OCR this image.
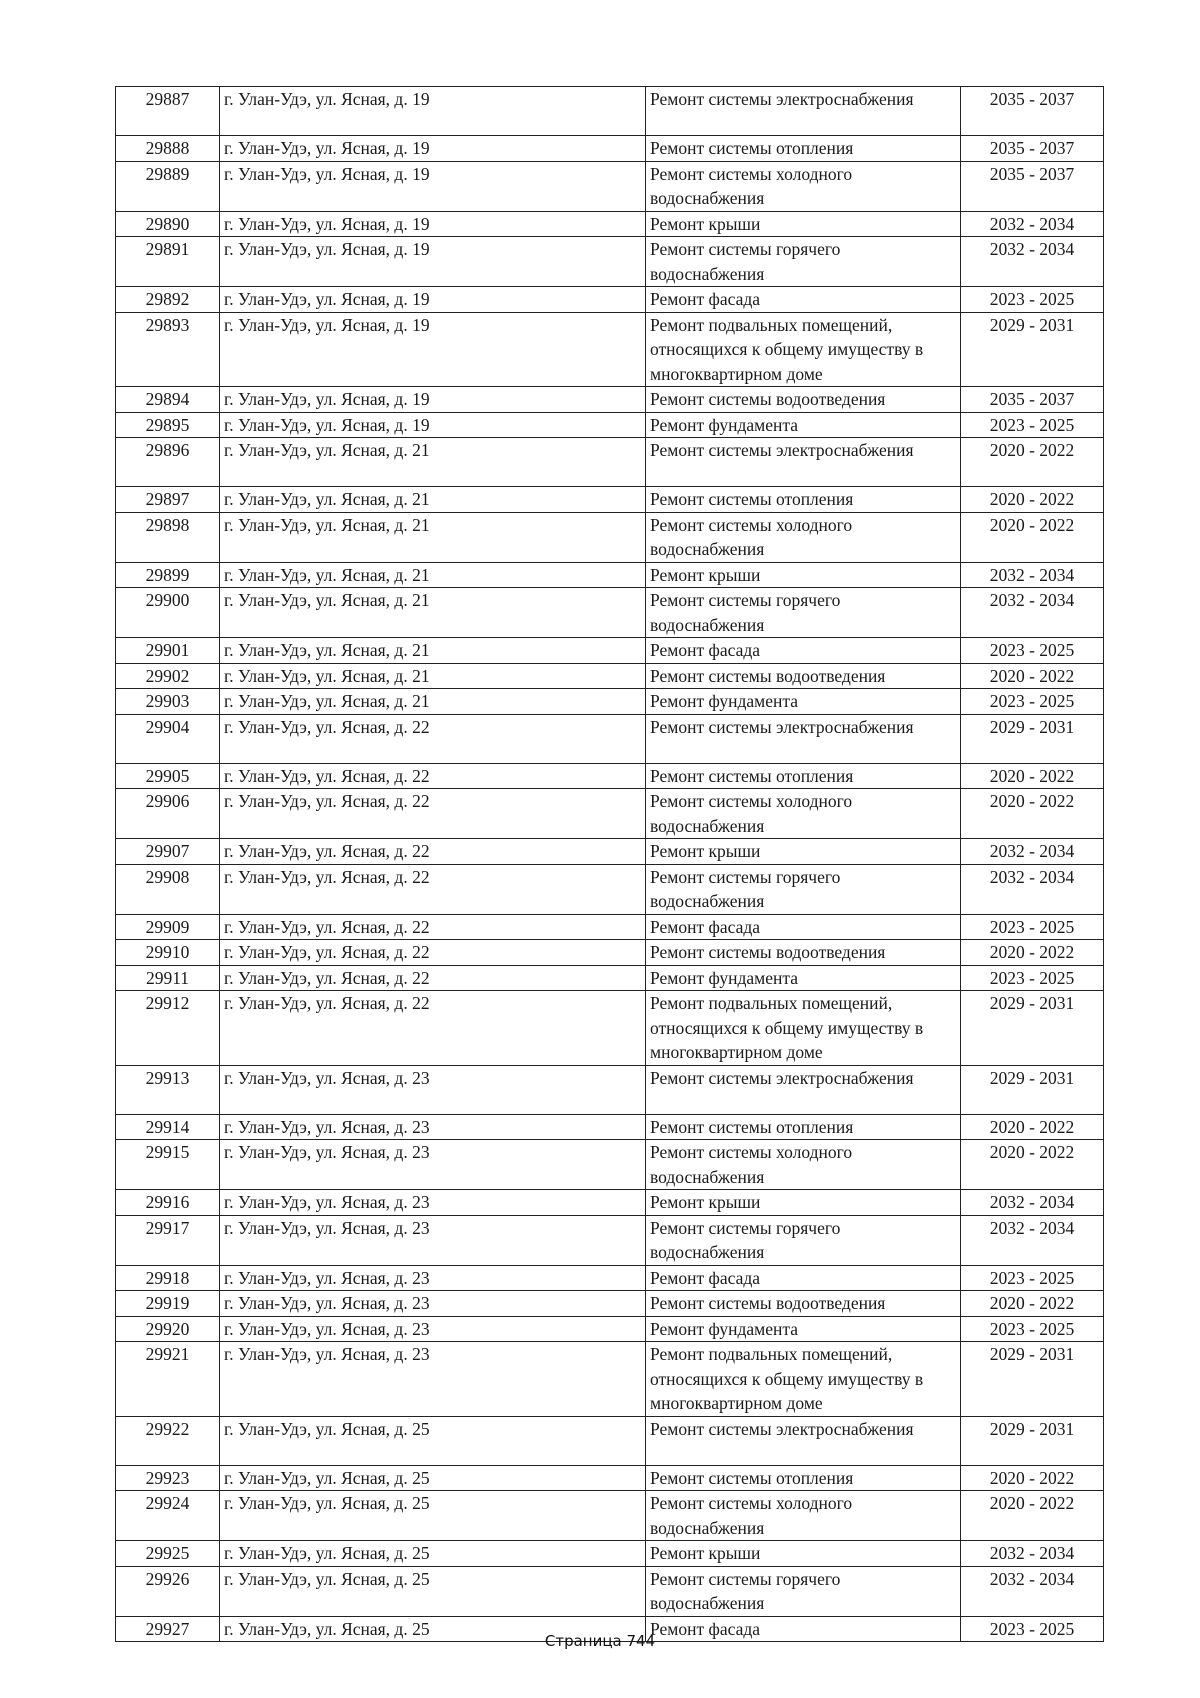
29887	г. Улан-Удэ, ул. Ясная, д. 19	Ремонт системы электроснабжения	2035 - 2037
29888	г. Улан-Удэ, ул. Ясная, д. 19	Ремонт системы отопления	2035 - 2037
29889	г. Улан-Удэ, ул. Ясная, д. 19	Ремонт системы холодного водоснабжения	2035 - 2037
29890	г. Улан-Удэ, ул. Ясная, д. 19	Ремонт крыши	2032 - 2034
29891	г. Улан-Удэ, ул. Ясная, д. 19	Ремонт системы горячего водоснабжения	2032 - 2034
29892	г. Улан-Удэ, ул. Ясная, д. 19	Ремонт фасада	2023 - 2025
29893	г. Улан-Удэ, ул. Ясная, д. 19	Ремонт подвальных помещений, относящихся к общему имуществу в многоквартирном доме	2029 - 2031
29894	г. Улан-Удэ, ул. Ясная, д. 19	Ремонт системы водоотведения	2035 - 2037
29895	г. Улан-Удэ, ул. Ясная, д. 19	Ремонт фундамента	2023 - 2025
29896	г. Улан-Удэ, ул. Ясная, д. 21	Ремонт системы электроснабжения	2020 - 2022
29897	г. Улан-Удэ, ул. Ясная, д. 21	Ремонт системы отопления	2020 - 2022
29898	г. Улан-Удэ, ул. Ясная, д. 21	Ремонт системы холодного водоснабжения	2020 - 2022
29899	г. Улан-Удэ, ул. Ясная, д. 21	Ремонт крыши	2032 - 2034
29900	г. Улан-Удэ, ул. Ясная, д. 21	Ремонт системы горячего водоснабжения	2032 - 2034
29901	г. Улан-Удэ, ул. Ясная, д. 21	Ремонт фасада	2023 - 2025
29902	г. Улан-Удэ, ул. Ясная, д. 21	Ремонт системы водоотведения	2020 - 2022
29903	г. Улан-Удэ, ул. Ясная, д. 21	Ремонт фундамента	2023 - 2025
29904	г. Улан-Удэ, ул. Ясная, д. 22	Ремонт системы электроснабжения	2029 - 2031
29905	г. Улан-Удэ, ул. Ясная, д. 22	Ремонт системы отопления	2020 - 2022
29906	г. Улан-Удэ, ул. Ясная, д. 22	Ремонт системы холодного водоснабжения	2020 - 2022
29907	г. Улан-Удэ, ул. Ясная, д. 22	Ремонт крыши	2032 - 2034
29908	г. Улан-Удэ, ул. Ясная, д. 22	Ремонт системы горячего водоснабжения	2032 - 2034
29909	г. Улан-Удэ, ул. Ясная, д. 22	Ремонт фасада	2023 - 2025
29910	г. Улан-Удэ, ул. Ясная, д. 22	Ремонт системы водоотведения	2020 - 2022
29911	г. Улан-Удэ, ул. Ясная, д. 22	Ремонт фундамента	2023 - 2025
29912	г. Улан-Удэ, ул. Ясная, д. 22	Ремонт подвальных помещений, относящихся к общему имуществу в многоквартирном доме	2029 - 2031
29913	г. Улан-Удэ, ул. Ясная, д. 23	Ремонт системы электроснабжения	2029 - 2031
29914	г. Улан-Удэ, ул. Ясная, д. 23	Ремонт системы отопления	2020 - 2022
29915	г. Улан-Удэ, ул. Ясная, д. 23	Ремонт системы холодного водоснабжения	2020 - 2022
29916	г. Улан-Удэ, ул. Ясная, д. 23	Ремонт крыши	2032 - 2034
29917	г. Улан-Удэ, ул. Ясная, д. 23	Ремонт системы горячего водоснабжения	2032 - 2034
29918	г. Улан-Удэ, ул. Ясная, д. 23	Ремонт фасада	2023 - 2025
29919	г. Улан-Удэ, ул. Ясная, д. 23	Ремонт системы водоотведения	2020 - 2022
29920	г. Улан-Удэ, ул. Ясная, д. 23	Ремонт фундамента	2023 - 2025
29921	г. Улан-Удэ, ул. Ясная, д. 23	Ремонт подвальных помещений, относящихся к общему имуществу в многоквартирном доме	2029 - 2031
29922	г. Улан-Удэ, ул. Ясная, д. 25	Ремонт системы электроснабжения	2029 - 2031
29923	г. Улан-Удэ, ул. Ясная, д. 25	Ремонт системы отопления	2020 - 2022
29924	г. Улан-Удэ, ул. Ясная, д. 25	Ремонт системы холодного водоснабжения	2020 - 2022
29925	г. Улан-Удэ, ул. Ясная, д. 25	Ремонт крыши	2032 - 2034
29926	г. Улан-Удэ, ул. Ясная, д. 25	Ремонт системы горячего водоснабжения	2032 - 2034
29927	г. Улан-Удэ, ул. Ясная, д. 25	Ремонт фасада	2023 - 2025
Страница 744
